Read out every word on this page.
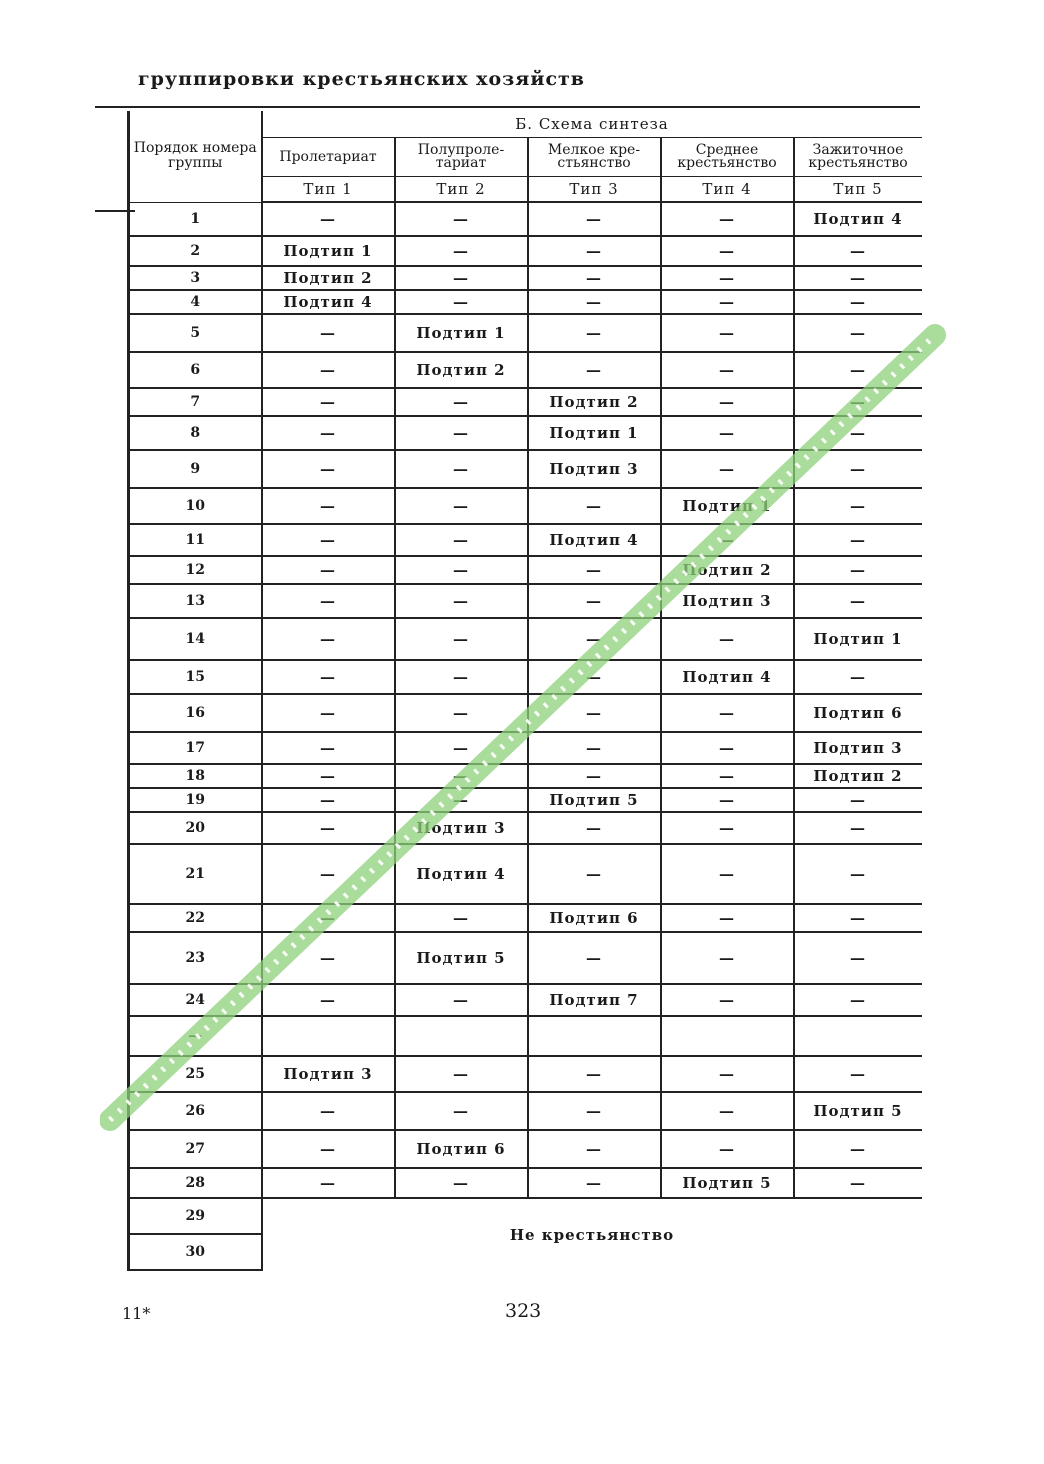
группировки крестьянских хозяйств
Порядок номера группы	Б. Схема синтеза				
	Пролетариат	Полупроле-тариат	Мелкое кре-стьянство	Среднее крестьянство	Зажиточное крестьянство
	Тип 1	Тип 2	Тип 3	Тип 4	Тип 5
1	—	—	—	—	Подтип 4
2	Подтип 1	—	—	—	—
3	Подтип 2	—	—	—	—
4	Подтип 4	—	—	—	—
5	—	Подтип 1	—	—	—
6	—	Подтип 2	—	—	—
7	—	—	Подтип 2	—	—
8	—	—	Подтип 1	—	—
9	—	—	Подтип 3	—	—
10	—	—	—	Подтип 1	—
11	—	—	Подтип 4	—	—
12	—	—	—	Подтип 2	—
13	—	—	—	Подтип 3	—
14	—	—	—	—	Подтип 1
15	—	—	—	Подтип 4	—
16	—	—	—	—	Подтип 6
17	—	—	—	—	Подтип 3
18	—	—	—	—	Подтип 2
19	—	—	Подтип 5	—	—
20	—	Подтип 3	—	—	—
21	—	Подтип 4	—	—	—
22	—	—	Подтип 6	—	—
23	—	Подтип 5	—	—	—
24	—	—	Подтип 7	—	—
—					
25	Подтип 3	—	—	—	—
26	—	—	—	—	Подтип 5
27	—	Подтип 6	—	—	—
28	—	—	—	Подтип 5	—
29	Не крестьянство				
30					
11*	323
